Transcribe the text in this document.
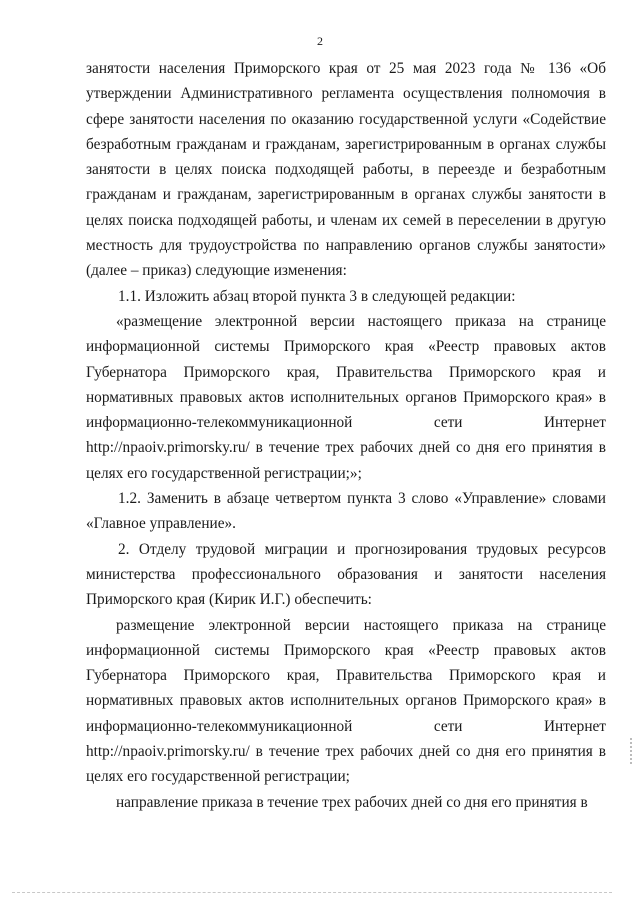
2

занятости населения Приморского края от 25 мая 2023 года № 136 «Об утверждении Административного регламента осуществления полномочия в сфере занятости населения по оказанию государственной услуги «Содействие безработным гражданам и гражданам, зарегистрированным в органах службы занятости в целях поиска подходящей работы, в переезде и безработным гражданам и гражданам, зарегистрированным в органах службы занятости в целях поиска подходящей работы, и членам их семей в переселении в другую местность для трудоустройства по направлению органов службы занятости» (далее – приказ) следующие изменения:

1.1. Изложить абзац второй пункта 3 в следующей редакции:

«размещение электронной версии настоящего приказа на странице информационной системы Приморского края «Реестр правовых актов Губернатора Приморского края, Правительства Приморского края и нормативных правовых актов исполнительных органов Приморского края» в информационно-телекоммуникационной сети Интернет http://npaoiv.primorsky.ru/ в течение трех рабочих дней со дня его принятия в целях его государственной регистрации;»;

1.2. Заменить в абзаце четвертом пункта 3 слово «Управление» словами «Главное управление».

2. Отделу трудовой миграции и прогнозирования трудовых ресурсов министерства профессионального образования и занятости населения Приморского края (Кирик И.Г.) обеспечить:

размещение электронной версии настоящего приказа на странице информационной системы Приморского края «Реестр правовых актов Губернатора Приморского края, Правительства Приморского края и нормативных правовых актов исполнительных органов Приморского края» в информационно-телекоммуникационной сети Интернет http://npaoiv.primorsky.ru/ в течение трех рабочих дней со дня его принятия в целях его государственной регистрации;

направление приказа в течение трех рабочих дней со дня его принятия в
